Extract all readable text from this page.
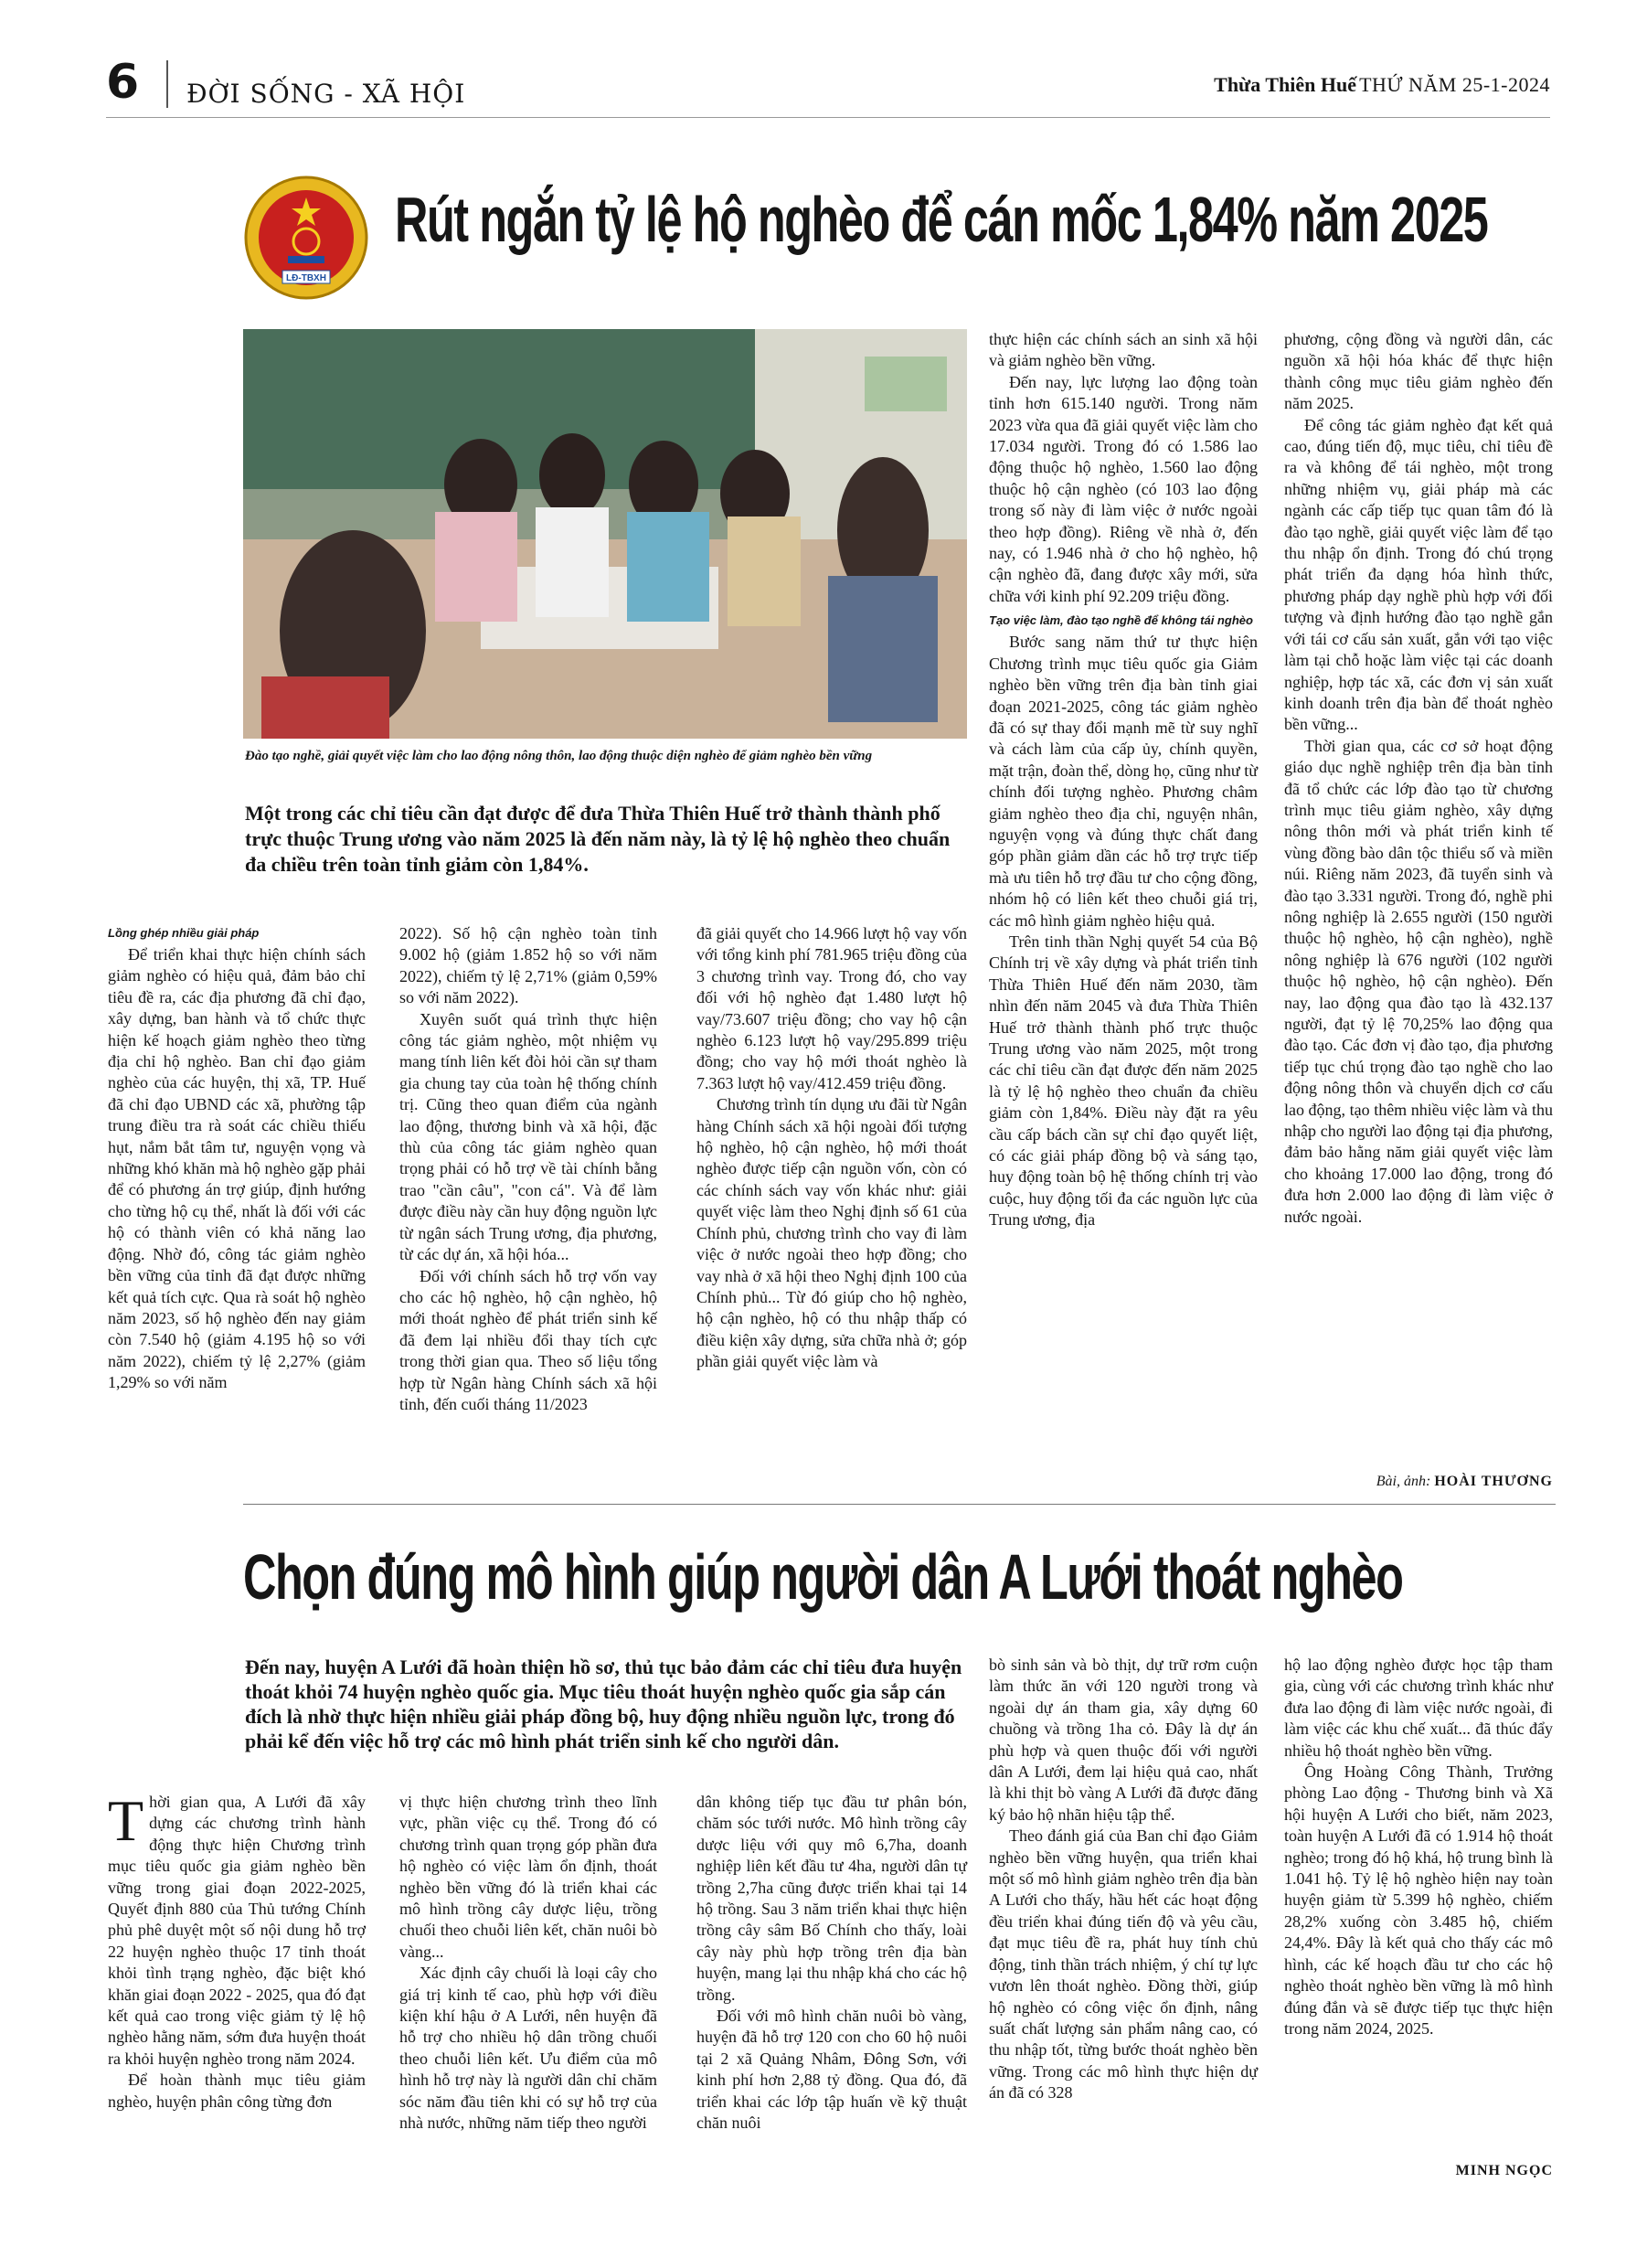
6 ĐỜI SỐNG - XÃ HỘI	Thừa Thiên Huế THỨ NĂM 25-1-2024
LĐ-TBXH
Rút ngắn tỷ lệ hộ nghèo để cán mốc 1,84% năm 2025
Đào tạo nghề, giải quyết việc làm cho lao động nông thôn, lao động thuộc diện nghèo để giảm nghèo bền vững
Một trong các chỉ tiêu cần đạt được để đưa Thừa Thiên Huế trở thành thành phố trực thuộc Trung ương vào năm 2025 là đến năm này, là tỷ lệ hộ nghèo theo chuẩn đa chiều trên toàn tỉnh giảm còn 1,84%.
Lồng ghép nhiều giải pháp

Để triển khai thực hiện chính sách giảm nghèo có hiệu quả, đảm bảo chỉ tiêu đề ra, các địa phương đã chỉ đạo, xây dựng, ban hành và tổ chức thực hiện kế hoạch giảm nghèo theo từng địa chỉ hộ nghèo. Ban chỉ đạo giảm nghèo của các huyện, thị xã, TP. Huế đã chỉ đạo UBND các xã, phường tập trung điều tra rà soát các chiều thiếu hụt, nắm bắt tâm tư, nguyện vọng và những khó khăn mà hộ nghèo gặp phải để có phương án trợ giúp, định hướng cho từng hộ cụ thể, nhất là đối với các hộ có thành viên có khả năng lao động. Nhờ đó, công tác giảm nghèo bền vững của tỉnh đã đạt được những kết quả tích cực. Qua rà soát hộ nghèo năm 2023, số hộ nghèo đến nay giảm còn 7.540 hộ (giảm 4.195 hộ so với năm 2022), chiếm tỷ lệ 2,27% (giảm 1,29% so với năm

2022). Số hộ cận nghèo toàn tỉnh 9.002 hộ (giảm 1.852 hộ so với năm 2022), chiếm tỷ lệ 2,71% (giảm 0,59% so với năm 2022).

Xuyên suốt quá trình thực hiện công tác giảm nghèo, một nhiệm vụ mang tính liên kết đòi hỏi cần sự tham gia chung tay của toàn hệ thống chính trị. Cũng theo quan điểm của ngành lao động, thương binh và xã hội, đặc thù của công tác giảm nghèo quan trọng phải có hỗ trợ về tài chính bằng trao "cần câu", "con cá". Và để làm được điều này cần huy động nguồn lực từ ngân sách Trung ương, địa phương, từ các dự án, xã hội hóa...

Đối với chính sách hỗ trợ vốn vay cho các hộ nghèo, hộ cận nghèo, hộ mới thoát nghèo để phát triển sinh kế đã đem lại nhiều đổi thay tích cực trong thời gian qua. Theo số liệu tổng hợp từ Ngân hàng Chính sách xã hội tỉnh, đến cuối tháng 11/2023

đã giải quyết cho 14.966 lượt hộ vay vốn với tổng kinh phí 781.965 triệu đồng của 3 chương trình vay. Trong đó, cho vay đối với hộ nghèo đạt 1.480 lượt hộ vay/73.607 triệu đồng; cho vay hộ cận nghèo 6.123 lượt hộ vay/295.899 triệu đồng; cho vay hộ mới thoát nghèo là 7.363 lượt hộ vay/412.459 triệu đồng.

Chương trình tín dụng ưu đãi từ Ngân hàng Chính sách xã hội ngoài đối tượng hộ nghèo, hộ cận nghèo, hộ mới thoát nghèo được tiếp cận nguồn vốn, còn có các chính sách vay vốn khác như: giải quyết việc làm theo Nghị định số 61 của Chính phủ, chương trình cho vay đi làm việc ở nước ngoài theo hợp đồng; cho vay nhà ở xã hội theo Nghị định 100 của Chính phủ... Từ đó giúp cho hộ nghèo, hộ cận nghèo, hộ có thu nhập thấp có điều kiện xây dựng, sửa chữa nhà ở; góp phần giải quyết việc làm và

thực hiện các chính sách an sinh xã hội và giảm nghèo bền vững.

Đến nay, lực lượng lao động toàn tỉnh hơn 615.140 người. Trong năm 2023 vừa qua đã giải quyết việc làm cho 17.034 người. Trong đó có 1.586 lao động thuộc hộ nghèo, 1.560 lao động thuộc hộ cận nghèo (có 103 lao động trong số này đi làm việc ở nước ngoài theo hợp đồng). Riêng về nhà ở, đến nay, có 1.946 nhà ở cho hộ nghèo, hộ cận nghèo đã, đang được xây mới, sửa chữa với kinh phí 92.209 triệu đồng.

Tạo việc làm, đào tạo nghề để không tái nghèo

Bước sang năm thứ tư thực hiện Chương trình mục tiêu quốc gia Giảm nghèo bền vững trên địa bàn tỉnh giai đoạn 2021-2025, công tác giảm nghèo đã có sự thay đổi mạnh mẽ từ suy nghĩ và cách làm của cấp ủy, chính quyền, mặt trận, đoàn thể, dòng họ, cũng như từ chính đối tượng nghèo. Phương châm giảm nghèo theo địa chỉ, nguyện nhân, nguyện vọng và đúng thực chất đang góp phần giảm dần các hỗ trợ trực tiếp mà ưu tiên hỗ trợ đầu tư cho cộng đồng, nhóm hộ có liên kết theo chuỗi giá trị, các mô hình giảm nghèo hiệu quả.

Trên tinh thần Nghị quyết 54 của Bộ Chính trị về xây dựng và phát triển tỉnh Thừa Thiên Huế đến năm 2030, tầm nhìn đến năm 2045 và đưa Thừa Thiên Huế trở thành thành phố trực thuộc Trung ương vào năm 2025, một trong các chỉ tiêu cần đạt được đến năm 2025 là tỷ lệ hộ nghèo theo chuẩn đa chiều giảm còn 1,84%. Điều này đặt ra yêu cầu cấp bách cần sự chỉ đạo quyết liệt, có các giải pháp đồng bộ và sáng tạo, huy động toàn bộ hệ thống chính trị vào cuộc, huy động tối đa các nguồn lực của Trung ương, địa

phương, cộng đồng và người dân, các nguồn xã hội hóa khác để thực hiện thành công mục tiêu giảm nghèo đến năm 2025.

Để công tác giảm nghèo đạt kết quả cao, đúng tiến độ, mục tiêu, chỉ tiêu đề ra và không để tái nghèo, một trong những nhiệm vụ, giải pháp mà các ngành các cấp tiếp tục quan tâm đó là đào tạo nghề, giải quyết việc làm để tạo thu nhập ổn định. Trong đó chú trọng phát triển đa dạng hóa hình thức, phương pháp dạy nghề phù hợp với đối tượng và định hướng đào tạo nghề gắn với tái cơ cấu sản xuất, gắn với tạo việc làm tại chỗ hoặc làm việc tại các doanh nghiệp, hợp tác xã, các đơn vị sản xuất kinh doanh trên địa bàn để thoát nghèo bền vững...

Thời gian qua, các cơ sở hoạt động giáo dục nghề nghiệp trên địa bàn tỉnh đã tổ chức các lớp đào tạo từ chương trình mục tiêu giảm nghèo, xây dựng nông thôn mới và phát triển kinh tế vùng đồng bào dân tộc thiểu số và miền núi. Riêng năm 2023, đã tuyển sinh và đào tạo 3.331 người. Trong đó, nghề phi nông nghiệp là 2.655 người (150 người thuộc hộ nghèo, hộ cận nghèo), nghề nông nghiệp là 676 người (102 người thuộc hộ nghèo, hộ cận nghèo). Đến nay, lao động qua đào tạo là 432.137 người, đạt tỷ lệ 70,25% lao động qua đào tạo. Các đơn vị đào tạo, địa phương tiếp tục chú trọng đào tạo nghề cho lao động nông thôn và chuyển dịch cơ cấu lao động, tạo thêm nhiều việc làm và thu nhập cho người lao động tại địa phương, đảm bảo hằng năm giải quyết việc làm cho khoảng 17.000 lao động, trong đó đưa hơn 2.000 lao động đi làm việc ở nước ngoài.

Bài, ảnh: HOÀI THƯƠNG
Chọn đúng mô hình giúp người dân A Lưới thoát nghèo
Đến nay, huyện A Lưới đã hoàn thiện hồ sơ, thủ tục bảo đảm các chỉ tiêu đưa huyện thoát khỏi 74 huyện nghèo quốc gia. Mục tiêu thoát huyện nghèo quốc gia sắp cán đích là nhờ thực hiện nhiều giải pháp đồng bộ, huy động nhiều nguồn lực, trong đó phải kể đến việc hỗ trợ các mô hình phát triển sinh kế cho người dân.

Thời gian qua, A Lưới đã xây dựng các chương trình hành động thực hiện Chương trình mục tiêu quốc gia giảm nghèo bền vững trong giai đoạn 2022-2025, Quyết định 880 của Thủ tướng Chính phủ phê duyệt một số nội dung hỗ trợ 22 huyện nghèo thuộc 17 tỉnh thoát khỏi tình trạng nghèo, đặc biệt khó khăn giai đoạn 2022 - 2025, qua đó đạt kết quả cao trong việc giảm tỷ lệ hộ nghèo hằng năm, sớm đưa huyện thoát ra khỏi huyện nghèo trong năm 2024.

Để hoàn thành mục tiêu giảm nghèo, huyện phân công từng đơn

vị thực hiện chương trình theo lĩnh vực, phần việc cụ thể. Trong đó có chương trình quan trọng góp phần đưa hộ nghèo có việc làm ổn định, thoát nghèo bền vững đó là triển khai các mô hình trồng cây dược liệu, trồng chuối theo chuỗi liên kết, chăn nuôi bò vàng...

Xác định cây chuối là loại cây cho giá trị kinh tế cao, phù hợp với điều kiện khí hậu ở A Lưới, nên huyện đã hỗ trợ cho nhiều hộ dân trồng chuối theo chuỗi liên kết. Ưu điểm của mô hình hỗ trợ này là người dân chỉ chăm sóc năm đầu tiên khi có sự hỗ trợ của nhà nước, những năm tiếp theo người

dân không tiếp tục đầu tư phân bón, chăm sóc tưới nước. Mô hình trồng cây dược liệu với quy mô 6,7ha, doanh nghiệp liên kết đầu tư 4ha, người dân tự trồng 2,7ha cũng được triển khai tại 14 hộ trồng. Sau 3 năm triển khai thực hiện trồng cây sâm Bố Chính cho thấy, loài cây này phù hợp trồng trên địa bàn huyện, mang lại thu nhập khá cho các hộ trồng.

Đối với mô hình chăn nuôi bò vàng, huyện đã hỗ trợ 120 con cho 60 hộ nuôi tại 2 xã Quảng Nhâm, Đông Sơn, với kinh phí hơn 2,88 tỷ đồng. Qua đó, đã triển khai các lớp tập huấn về kỹ thuật chăn nuôi

bò sinh sản và bò thịt, dự trữ rơm cuộn làm thức ăn với 120 người trong và ngoài dự án tham gia, xây dựng 60 chuồng và trồng 1ha cỏ. Đây là dự án phù hợp và quen thuộc đối với người dân A Lưới, đem lại hiệu quả cao, nhất là khi thịt bò vàng A Lưới đã được đăng ký bảo hộ nhãn hiệu tập thể.

Theo đánh giá của Ban chỉ đạo Giảm nghèo bền vững huyện, qua triển khai một số mô hình giảm nghèo trên địa bàn A Lưới cho thấy, hầu hết các hoạt động đều triển khai đúng tiến độ và yêu cầu, đạt mục tiêu đề ra, phát huy tính chủ động, tinh thần trách nhiệm, ý chí tự lực vươn lên thoát nghèo. Đồng thời, giúp hộ nghèo có công việc ổn định, nâng suất chất lượng sản phẩm nâng cao, có thu nhập tốt, từng bước thoát nghèo bền vững. Trong các mô hình thực hiện dự án đã có 328

hộ lao động nghèo được học tập tham gia, cùng với các chương trình khác như đưa lao động đi làm việc nước ngoài, đi làm việc các khu chế xuất... đã thúc đẩy nhiều hộ thoát nghèo bền vững.

Ông Hoàng Công Thành, Trưởng phòng Lao động - Thương binh và Xã hội huyện A Lưới cho biết, năm 2023, toàn huyện A Lưới đã có 1.914 hộ thoát nghèo; trong đó hộ khá, hộ trung bình là 1.041 hộ. Tỷ lệ hộ nghèo hiện nay toàn huyện giảm từ 5.399 hộ nghèo, chiếm 28,2% xuống còn 3.485 hộ, chiếm 24,4%. Đây là kết quả cho thấy các mô hình, các kế hoạch đầu tư cho các hộ nghèo thoát nghèo bền vững là mô hình đúng đắn và sẽ được tiếp tục thực hiện trong năm 2024, 2025.

MINH NGỌC
